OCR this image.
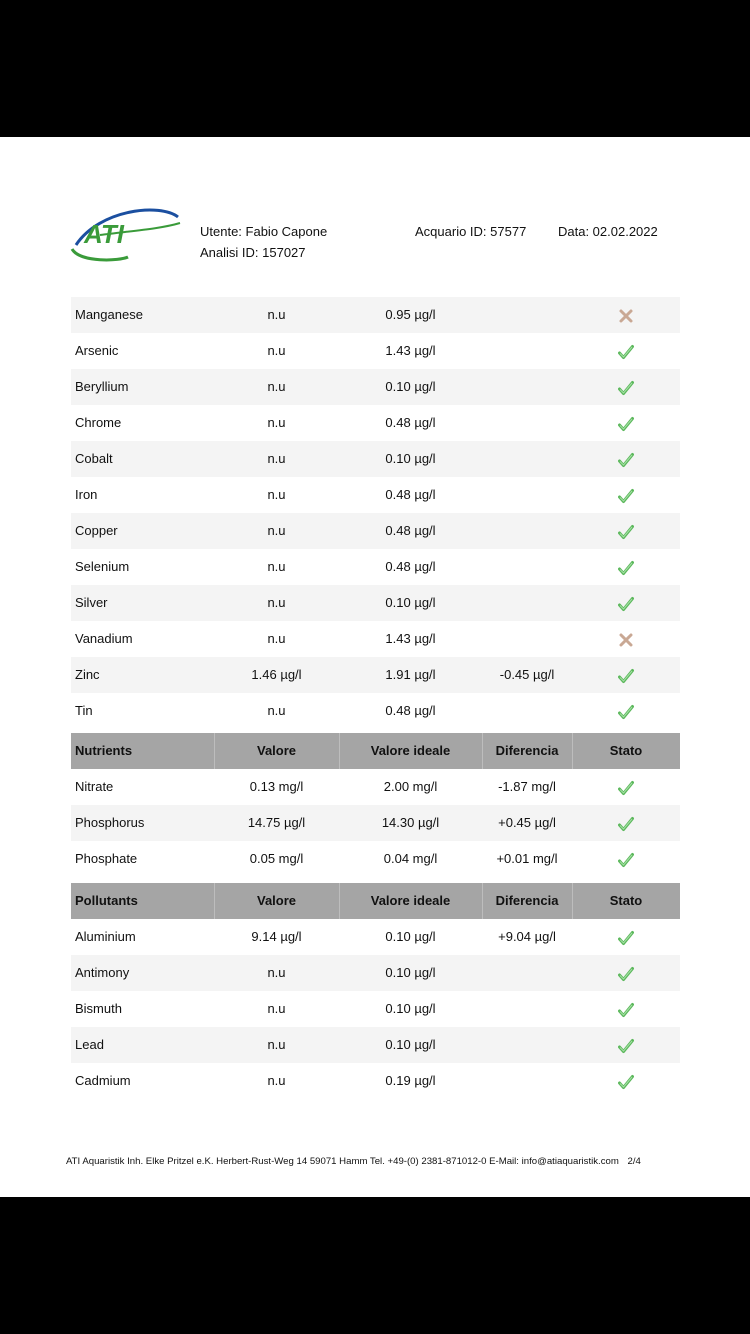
ATI	Utente: Fabio Capone
Analisi ID: 157027
Acquario ID: 57577 Data: 02.02.2022
Manganese	n.u	0.95 µg/l
Arsenic	n.u	1.43 µg/l
Beryllium	n.u	0.10 µg/l
Chrome	n.u	0.48 µg/l
Cobalt	n.u	0.10 µg/l
Iron	n.u	0.48 µg/l
Copper	n.u	0.48 µg/l
Selenium	n.u	0.48 µg/l
Silver	n.u	0.10 µg/l
Vanadium	n.u	1.43 µg/l
Zinc	1.46 µg/l	1.91 µg/l	-0.45 µg/l
Tin	n.u	0.48 µg/l
Nutrients	Valore	Valore ideale	Diferencia	Stato
Nitrate	0.13 mg/l	2.00 mg/l	-1.87 mg/l
Phosphorus	14.75 µg/l	14.30 µg/l	+0.45 µg/l
Phosphate	0.05 mg/l	0.04 mg/l	+0.01 mg/l
Pollutants	Valore	Valore ideale	Diferencia	Stato
Aluminium	9.14 µg/l	0.10 µg/l	+9.04 µg/l
Antimony	n.u	0.10 µg/l
Bismuth	n.u	0.10 µg/l
Lead	n.u	0.10 µg/l
Cadmium	n.u	0.19 µg/l
ATI Aquaristik Inh. Elke Pritzel e.K. Herbert-Rust-Weg 14 59071 Hamm Tel. +49-(0) 2381-871012-0 E-Mail: info@atiaquaristik.com 2/4
